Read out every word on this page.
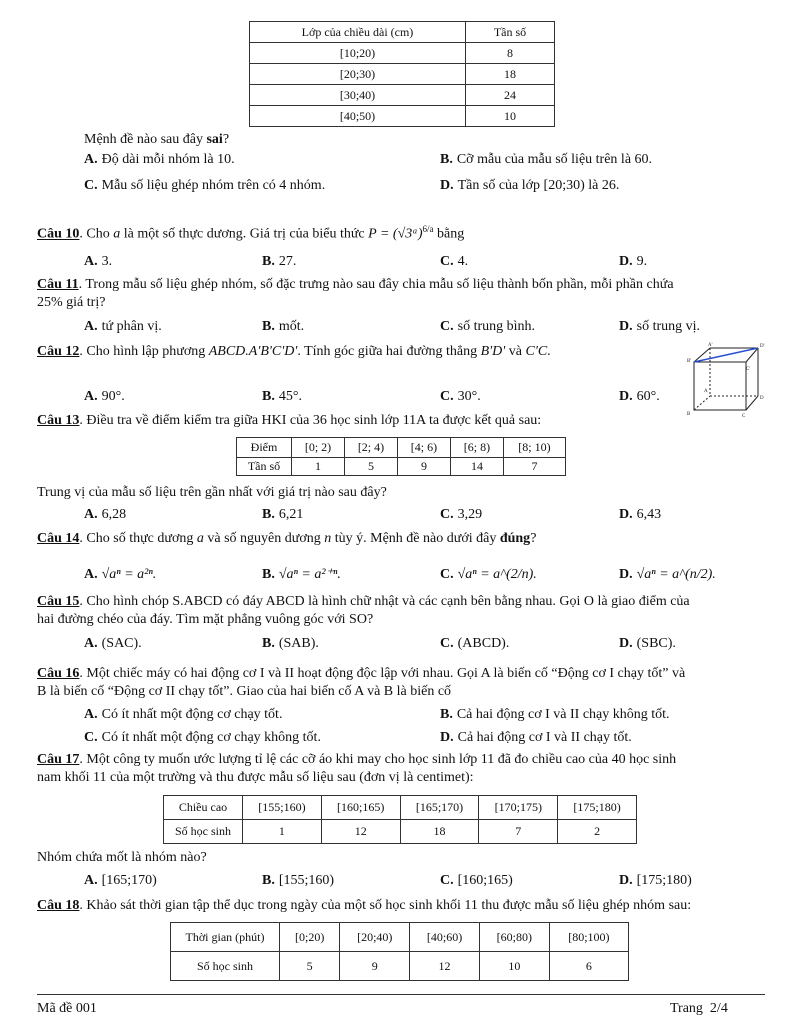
Lớp của chiều dài (cm)	Tần số
[10;20)	8
[20;30)	18
[30;40)	24
[40;50)	10
Mệnh đề nào sau đây sai?
A. Độ dài mỗi nhóm là 10.	B. Cỡ mẫu của mẫu số liệu trên là 60.
C. Mẫu số liệu ghép nhóm trên có 4 nhóm.	D. Tần số của lớp [20;30) là 26.
Câu 10. Cho a là một số thực dương. Giá trị của biểu thức P = (√3ᵃ)$^{6/a}$ bằng
A. 3.	B. 27.	C. 4.	D. 9.
Câu 11. Trong mẫu số liệu ghép nhóm, số đặc trưng nào sau đây chia mẫu số liệu thành bốn phần, mỗi phần chứa
25% giá trị?
A. tứ phân vị.	B. mốt.	C. số trung bình.	D. số trung vị.
Câu 12. Cho hình lập phương ABCD.A'B'C'D'. Tính góc giữa hai đường thẳng B'D' và C'C.
A. 90°.	B. 45°.	C. 30°.	D. 60°.
A'	D'
B'
C'
A
D
B	C
Câu 13. Điều tra về điểm kiểm tra giữa HKI của 36 học sinh lớp 11A ta được kết quả sau:
Điểm	[0; 2)	[2; 4)	[4; 6)	[6; 8)	[8; 10)
Tần số	1	5	9	14	7
Trung vị của mẫu số liệu trên gần nhất với giá trị nào sau đây?
A. 6,28	B. 6,21	C. 3,29	D. 6,43
Câu 14. Cho số thực dương a và số nguyên dương n tùy ý. Mệnh đề nào dưới đây đúng?
A. √aⁿ = a²ⁿ.	B. √aⁿ = a²⁺ⁿ.	C. √aⁿ = a^(2/n).	D. √aⁿ = a^(n/2).
Câu 15. Cho hình chóp S.ABCD có đáy ABCD là hình chữ nhật và các cạnh bên bằng nhau. Gọi O là giao điểm của
hai đường chéo của đáy. Tìm mặt phẳng vuông góc với SO?
A. (SAC).	B. (SAB).	C. (ABCD).	D. (SBC).
Câu 16. Một chiếc máy có hai động cơ I và II hoạt động độc lập với nhau. Gọi A là biến cố “Động cơ I chạy tốt” và
B là biến cố “Động cơ II chạy tốt”. Giao của hai biến cố A và B là biến cố
A. Có ít nhất một động cơ chạy tốt.	B. Cả hai động cơ I và II chạy không tốt.
C. Có ít nhất một động cơ chạy không tốt.	D. Cả hai động cơ I và II chạy tốt.
Câu 17. Một công ty muốn ước lượng tỉ lệ các cỡ áo khi may cho học sinh lớp 11 đã đo chiều cao của 40 học sinh
nam khối 11 của một trường và thu được mẫu số liệu sau (đơn vị là centimet):
Chiều cao	[155;160)	[160;165)	[165;170)	[170;175)	[175;180)
Số học sinh	1	12	18	7	2
Nhóm chứa mốt là nhóm nào?
A. [165;170)	B. [155;160)	C. [160;165)	D. [175;180)
Câu 18. Khảo sát thời gian tập thể dục trong ngày của một số học sinh khối 11 thu được mẫu số liệu ghép nhóm sau:
Thời gian (phút)	[0;20)	[20;40)	[40;60)	[60;80)	[80;100)
Số học sinh	5	9	12	10	6
Mã đề 001	Trang  2/4
